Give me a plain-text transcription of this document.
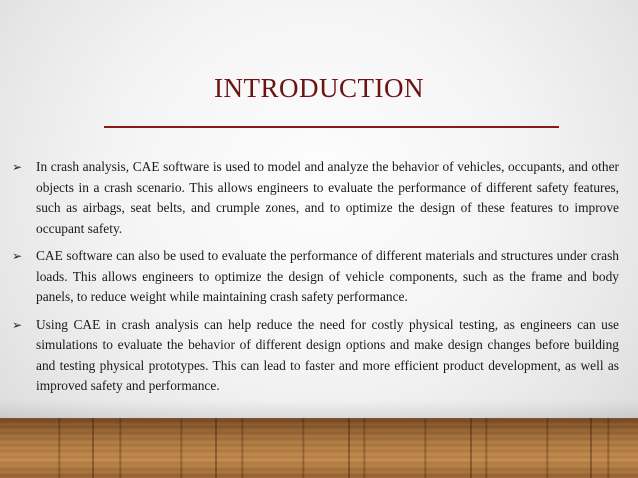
INTRODUCTION

➢	In crash analysis, CAE software is used to model and analyze the behavior of vehicles, occupants, and other objects in a crash scenario. This allows engineers to evaluate the performance of different safety features, such as airbags, seat belts, and crumple zones, and to optimize the design of these features to improve occupant safety.

➢	CAE software can also be used to evaluate the performance of different materials and structures under crash loads. This allows engineers to optimize the design of vehicle components, such as the frame and body panels, to reduce weight while maintaining crash safety performance.

➢	Using CAE in crash analysis can help reduce the need for costly physical testing, as engineers can use simulations to evaluate the behavior of different design options and make design changes before building and testing physical prototypes. This can lead to faster and more efficient product development, as well as improved safety and performance.
